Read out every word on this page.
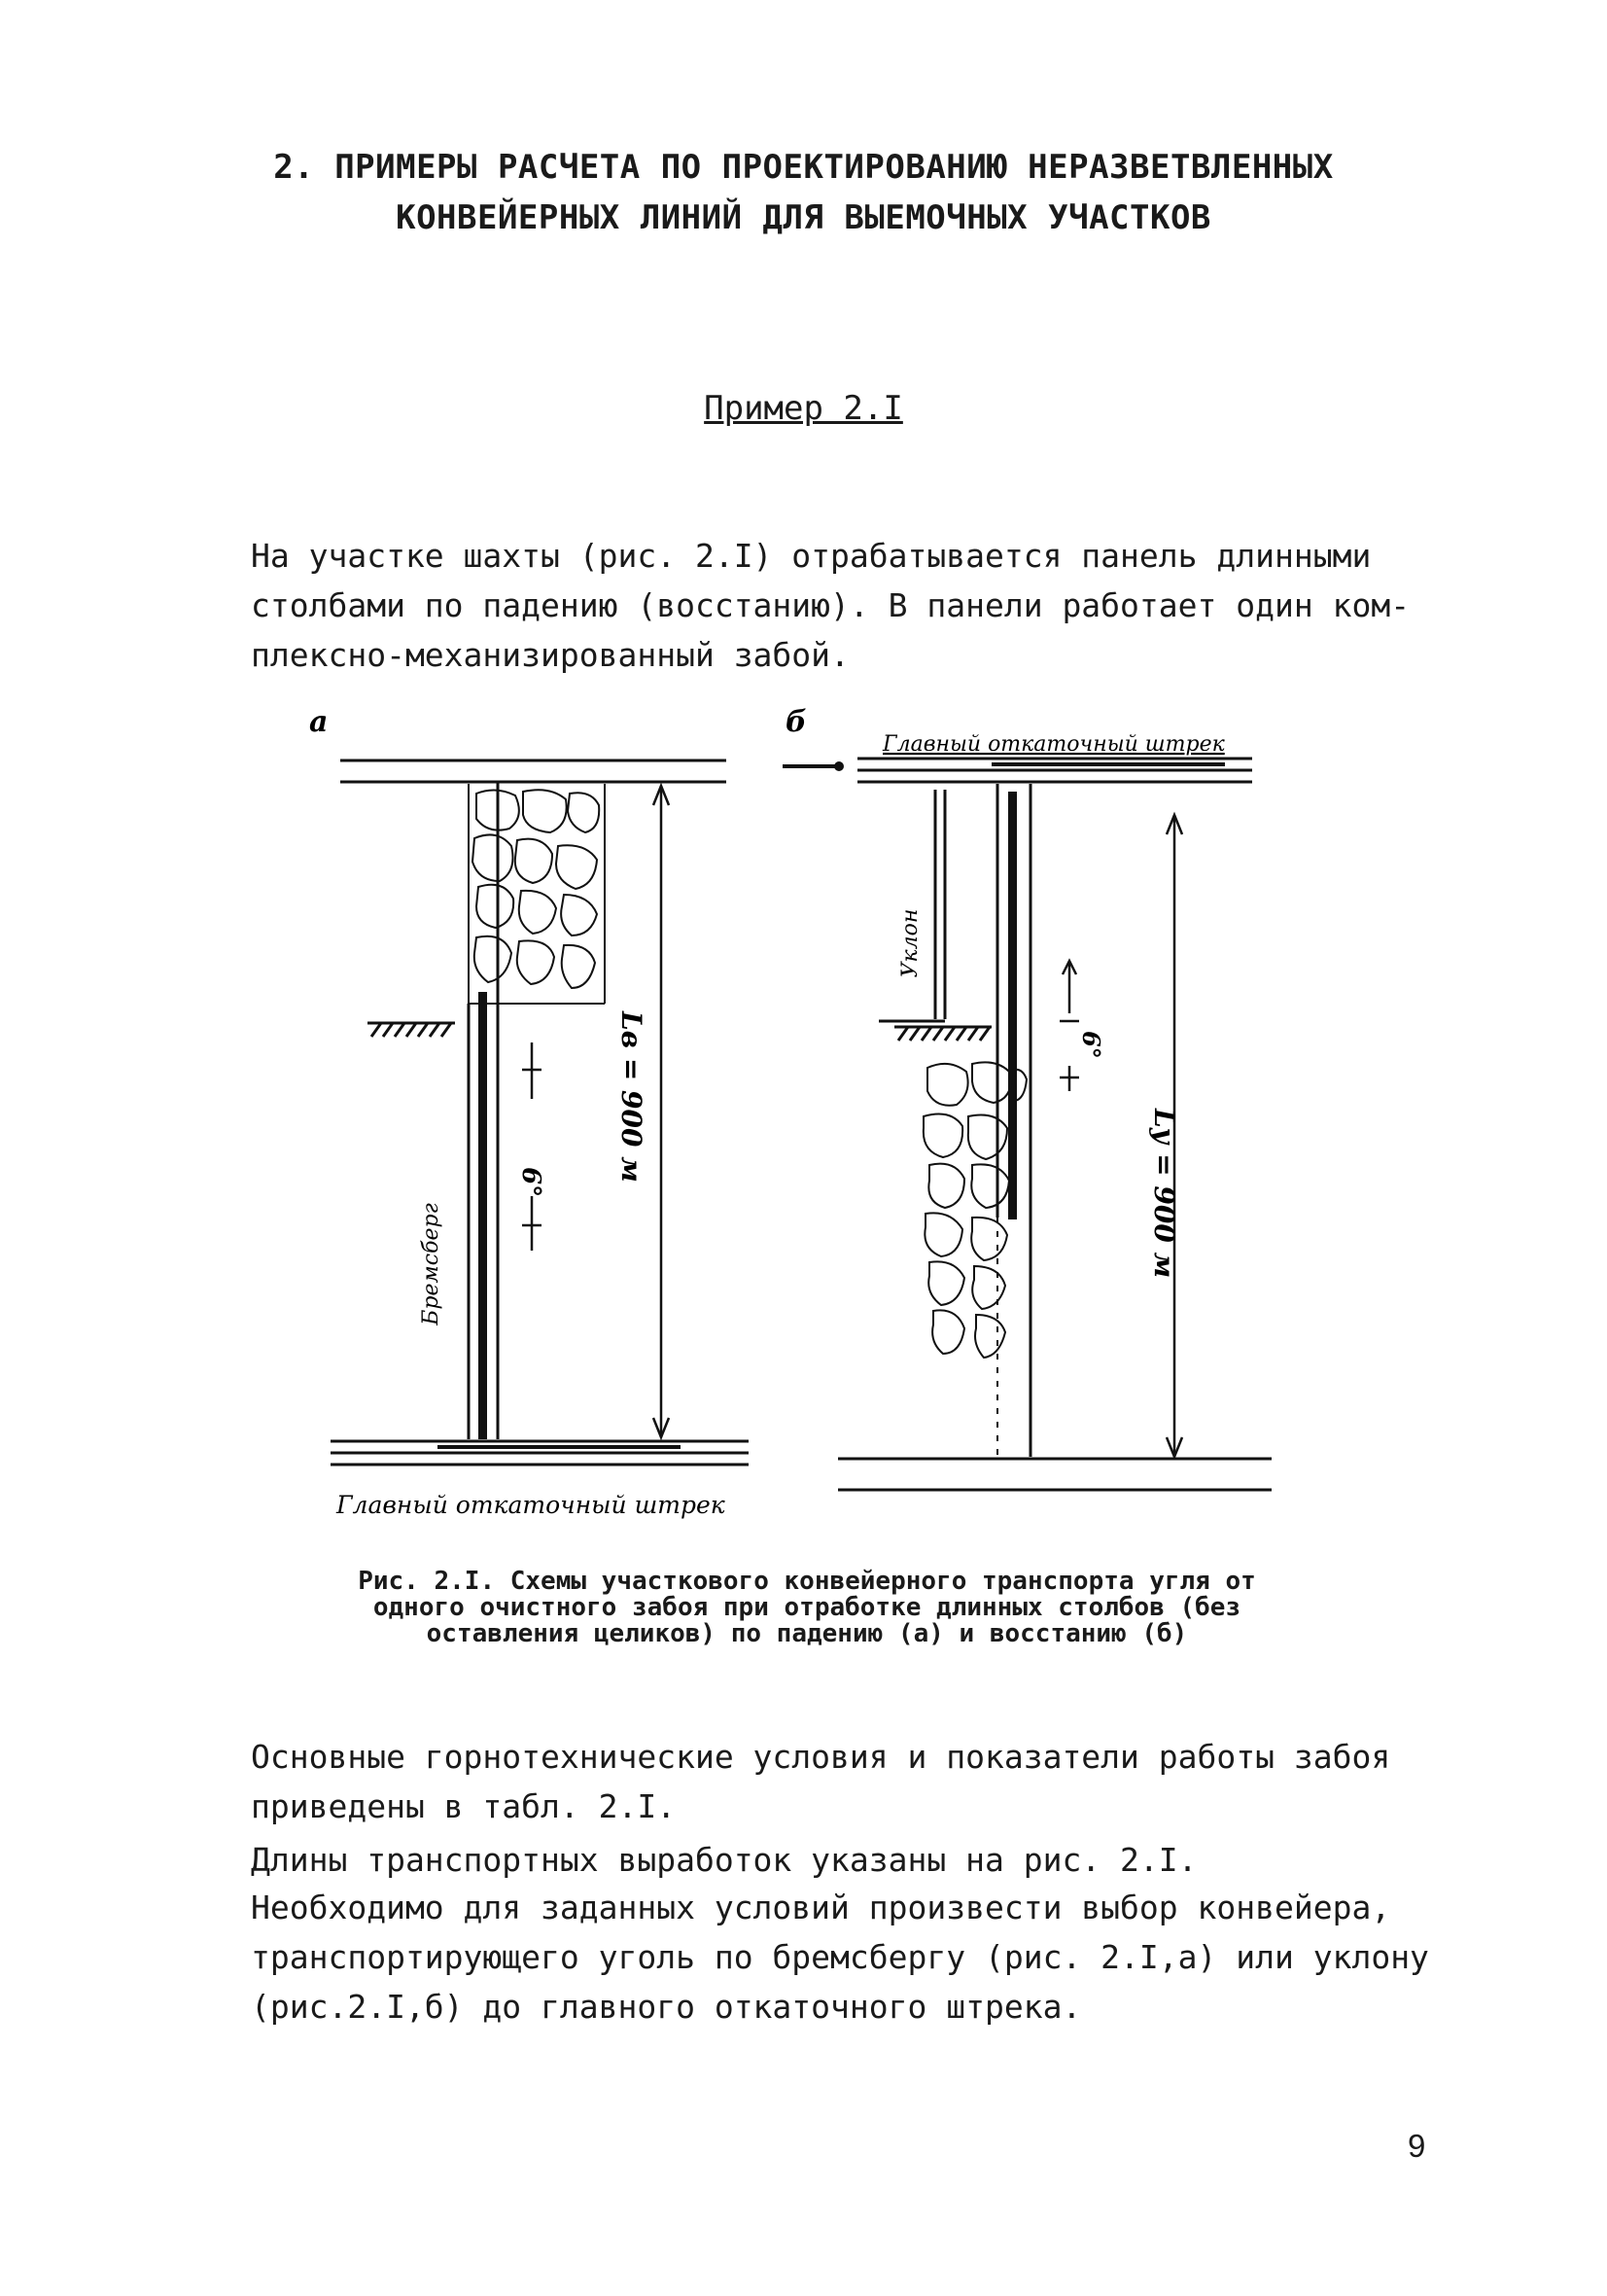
2. ПРИМЕРЫ РАСЧЕТА ПО ПРОЕКТИРОВАНИЮ НЕРАЗВЕТВЛЕННЫХ
КОНВЕЙЕРНЫХ ЛИНИЙ ДЛЯ ВЫЕМОЧНЫХ УЧАСТКОВ
Пример 2.I
На участке шахты (рис. 2.I) отрабатывается панель длинными
столбами по падению (восстанию). В панели работает один ком-
плексно-механизированный забой.
а
Lв = 900 м
6°
Бремсберг
Главный откаточный штрек
б
Главный откаточный штрек
Уклон
Lу = 900 м
6°
Рис. 2.I. Схемы участкового конвейерного транспорта угля от
одного очистного забоя при отработке длинных столбов (без
оставления целиков) по падению (а) и восстанию (б)
Основные горнотехнические условия и показатели работы забоя
приведены в табл. 2.I.
Длины транспортных выработок указаны на рис. 2.I.
Необходимо для заданных условий произвести выбор конвейера,
транспортирующего уголь по бремсбергу (рис. 2.I,а) или уклону
(рис.2.I,б) до главного откаточного штрека.
9
